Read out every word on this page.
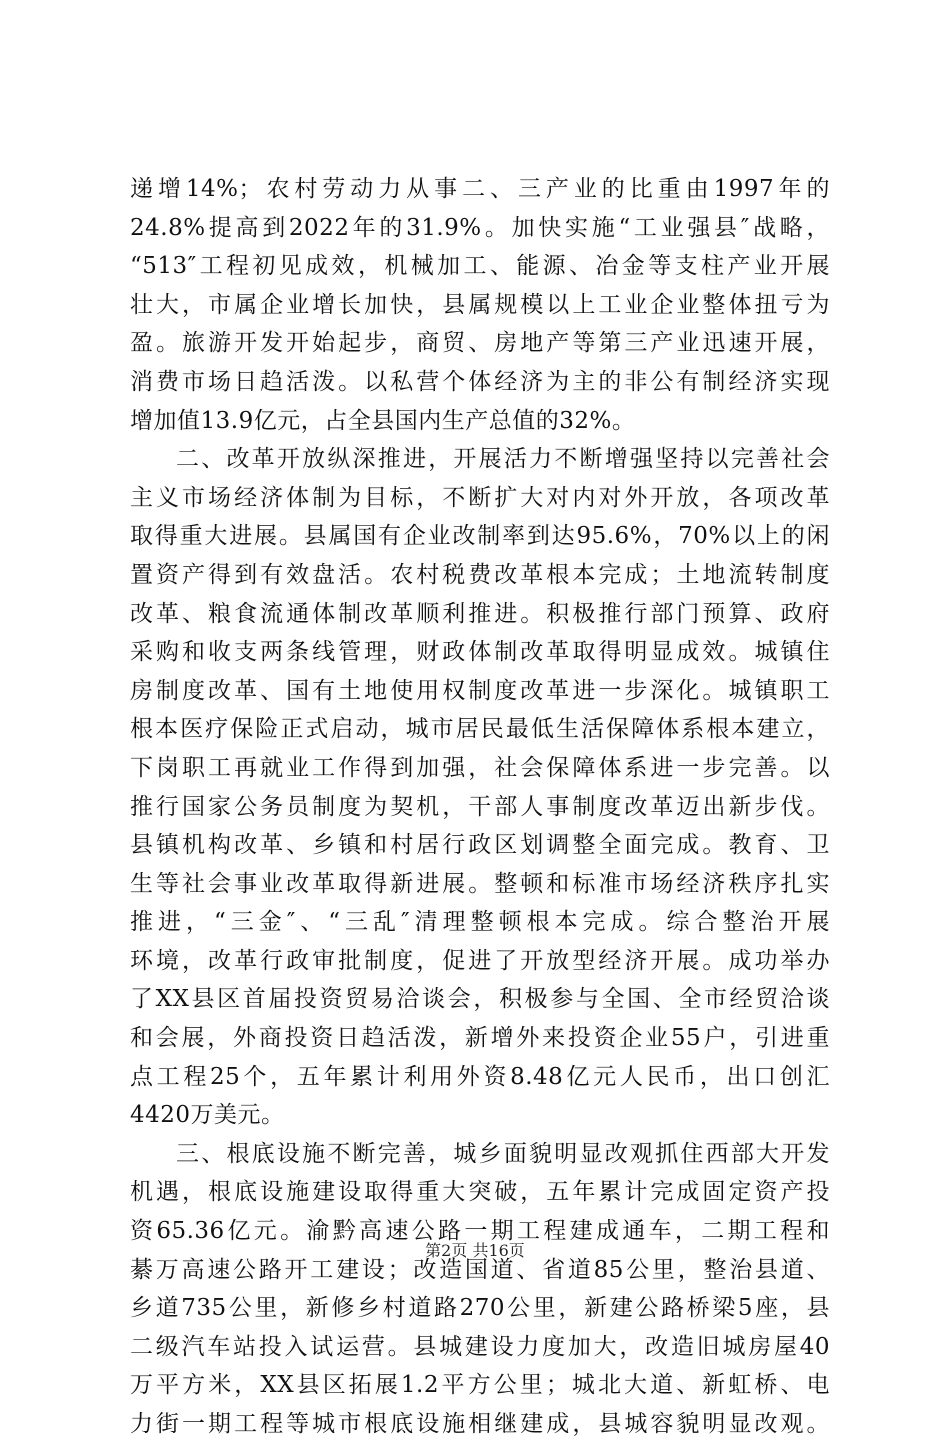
递增14%；农村劳动力从事二、三产业的比重由1997年的
24.8%提高到2022年的31.9%。加快实施“工业强县″战略，
“513″工程初见成效，机械加工、能源、冶金等支柱产业开展
壮大，市属企业增长加快，县属规模以上工业企业整体扭亏为
盈。旅游开发开始起步，商贸、房地产等第三产业迅速开展，
消费市场日趋活泼。以私营个体经济为主的非公有制经济实现
增加值13.9亿元，占全县国内生产总值的32%。
二、改革开放纵深推进，开展活力不断增强坚持以完善社会
主义市场经济体制为目标，不断扩大对内对外开放，各项改革
取得重大进展。县属国有企业改制率到达95.6%，70%以上的闲
置资产得到有效盘活。农村税费改革根本完成；土地流转制度
改革、粮食流通体制改革顺利推进。积极推行部门预算、政府
采购和收支两条线管理，财政体制改革取得明显成效。城镇住
房制度改革、国有土地使用权制度改革进一步深化。城镇职工
根本医疗保险正式启动，城市居民最低生活保障体系根本建立，
下岗职工再就业工作得到加强，社会保障体系进一步完善。以
推行国家公务员制度为契机，干部人事制度改革迈出新步伐。
县镇机构改革、乡镇和村居行政区划调整全面完成。教育、卫
生等社会事业改革取得新进展。整顿和标准市场经济秩序扎实
推进，“三金″、“三乱″清理整顿根本完成。综合整治开展
环境，改革行政审批制度，促进了开放型经济开展。成功举办
了XX县区首届投资贸易洽谈会，积极参与全国、全市经贸洽谈
和会展，外商投资日趋活泼，新增外来投资企业55户，引进重
点工程25个，五年累计利用外资8.48亿元人民币，出口创汇
4420万美元。
三、根底设施不断完善，城乡面貌明显改观抓住西部大开发
机遇，根底设施建设取得重大突破，五年累计完成固定资产投
资65.36亿元。渝黔高速公路一期工程建成通车，二期工程和
綦万高速公路开工建设；改造国道、省道85公里，整治县道、
乡道735公里，新修乡村道路270公里，新建公路桥梁5座，县
二级汽车站投入试运营。县城建设力度加大，改造旧城房屋40
万平方米，XX县区拓展1.2平方公里；城北大道、新虹桥、电
力街一期工程等城市根底设施相继建成，县城容貌明显改观。
第2页 共16页
